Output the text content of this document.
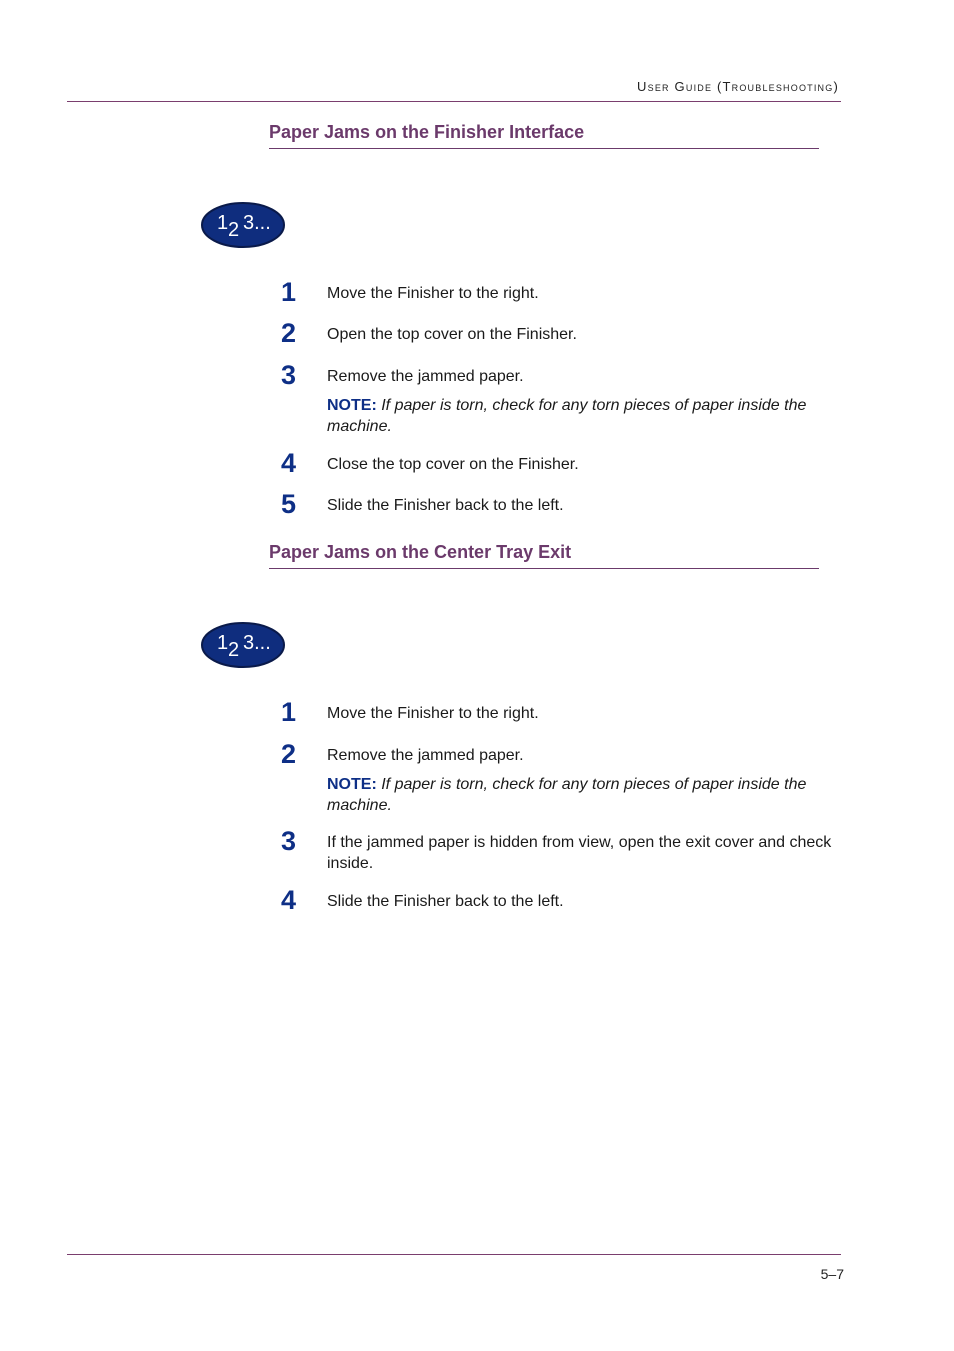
User Guide (Troubleshooting)
Paper Jams on the Finisher Interface
1 2 3...
1 Move the Finisher to the right.
2 Open the top cover on the Finisher.
3 Remove the jammed paper.
NOTE: If paper is torn, check for any torn pieces of paper inside the machine.
4 Close the top cover on the Finisher.
5 Slide the Finisher back to the left.
Paper Jams on the Center Tray Exit
1 2 3...
1 Move the Finisher to the right.
2 Remove the jammed paper.
NOTE: If paper is torn, check for any torn pieces of paper inside the machine.
3 If the jammed paper is hidden from view, open the exit cover and check inside.
4 Slide the Finisher back to the left.
5–7
